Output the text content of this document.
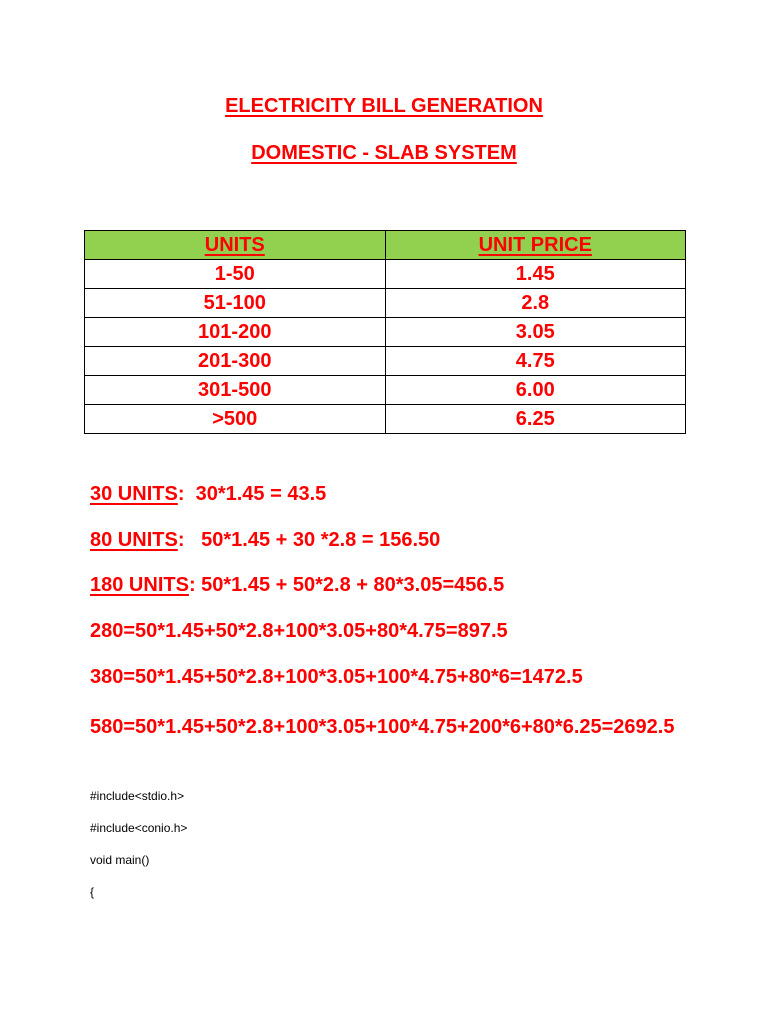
ELECTRICITY BILL GENERATION
DOMESTIC - SLAB SYSTEM
UNITS	UNIT PRICE
1-50	1.45
51-100	2.8
101-200	3.05
201-300	4.75
301-500	6.00
>500	6.25
30 UNITS:  30*1.45 = 43.5
80 UNITS:   50*1.45 + 30 *2.8 = 156.50
180 UNITS: 50*1.45 + 50*2.8 + 80*3.05=456.5
280=50*1.45+50*2.8+100*3.05+80*4.75=897.5
380=50*1.45+50*2.8+100*3.05+100*4.75+80*6=1472.5
580=50*1.45+50*2.8+100*3.05+100*4.75+200*6+80*6.25=2692.5
#include<stdio.h>
#include<conio.h>
void main()
{
